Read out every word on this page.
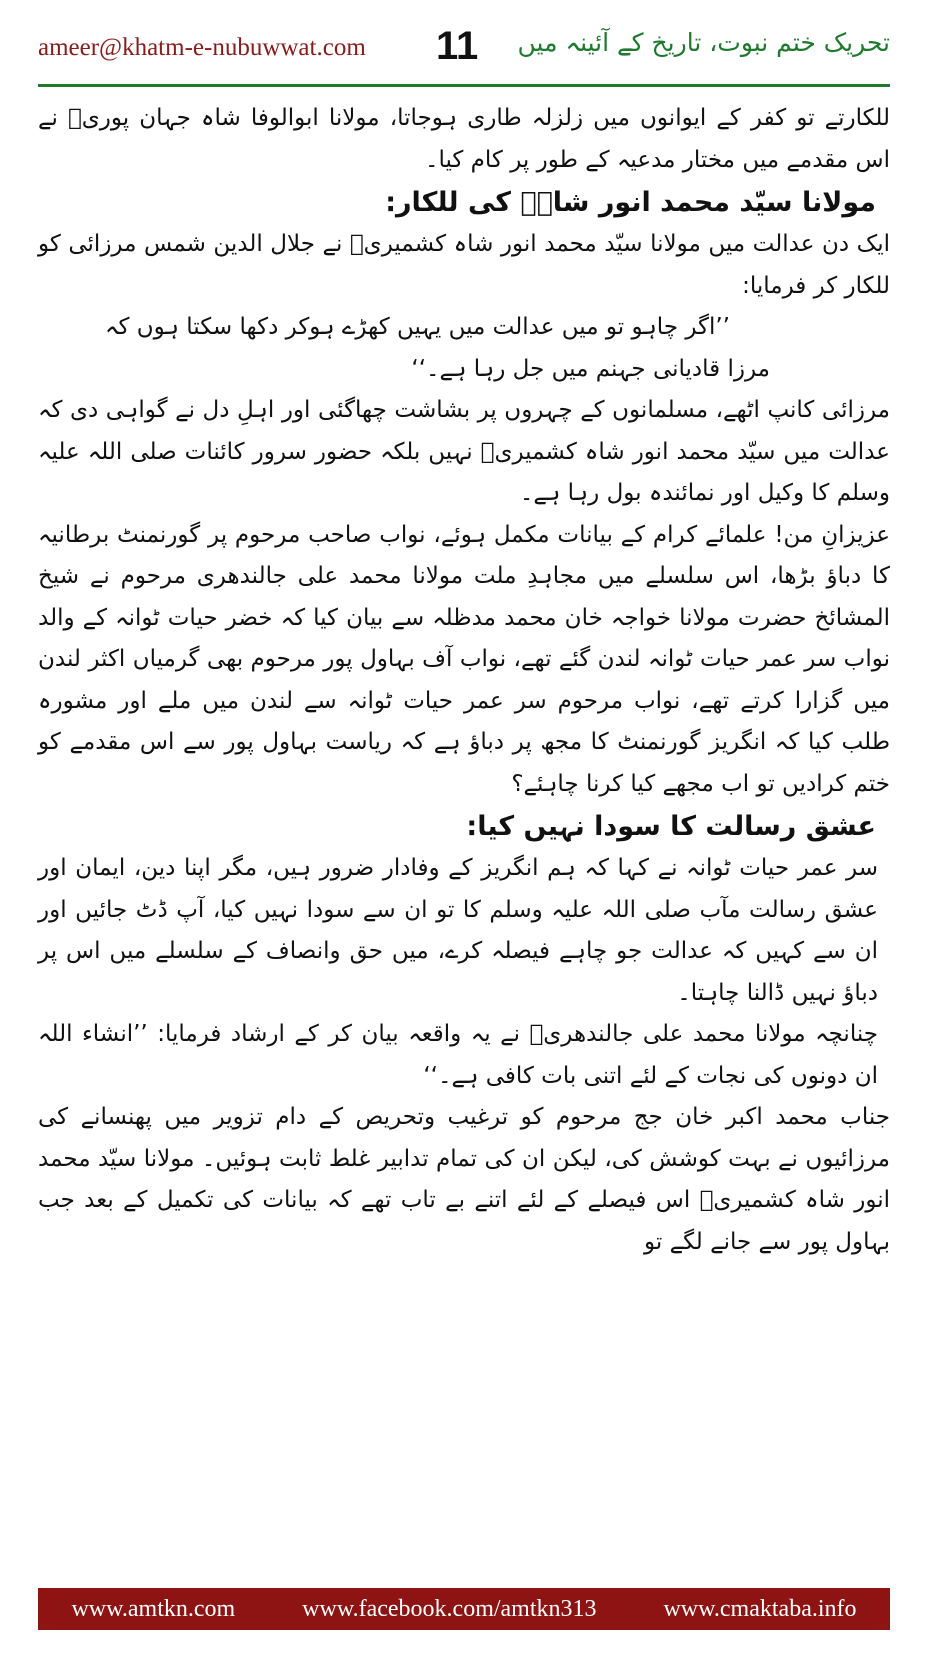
ameer@khatm-e-nubuwwat.com 11 تحریک ختم نبوت، تاریخ کے آئینہ میں

للکارتے تو کفر کے ایوانوں میں زلزلہ طاری ہوجاتا، مولانا ابوالوفا شاہ جہان پوریؒ نے اس مقدمے میں مختار مدعیہ کے طور پر کام کیا۔

مولانا سیّد محمد انور شاہؒ کی للکار:

ایک دن عدالت میں مولانا سیّد محمد انور شاہ کشمیریؒ نے جلال الدین شمس مرزائی کو للکار کر فرمایا:

’’اگر چاہو تو میں عدالت میں یہیں کھڑے ہوکر دکھا سکتا ہوں کہ

مرزا قادیانی جہنم میں جل رہا ہے۔‘‘

مرزائی کانپ اٹھے، مسلمانوں کے چہروں پر بشاشت چھاگئی اور اہلِ دل نے گواہی دی کہ عدالت میں سیّد محمد انور شاہ کشمیریؒ نہیں بلکہ حضور سرور کائنات صلی اللہ علیہ وسلم کا وکیل اور نمائندہ بول رہا ہے۔

عزیزانِ من! علمائے کرام کے بیانات مکمل ہوئے، نواب صاحب مرحوم پر گورنمنٹ برطانیہ کا دباؤ بڑھا، اس سلسلے میں مجاہدِ ملت مولانا محمد علی جالندھری مرحوم نے شیخ المشائخ حضرت مولانا خواجہ خان محمد مدظلہ سے بیان کیا کہ خضر حیات ٹوانہ کے والد نواب سر عمر حیات ٹوانہ لندن گئے تھے، نواب آف بہاول پور مرحوم بھی گرمیاں اکثر لندن میں گزارا کرتے تھے، نواب مرحوم سر عمر حیات ٹوانہ سے لندن میں ملے اور مشورہ طلب کیا کہ انگریز گورنمنٹ کا مجھ پر دباؤ ہے کہ ریاست بہاول پور سے اس مقدمے کو ختم کرادیں تو اب مجھے کیا کرنا چاہئے؟

عشق رسالت کا سودا نہیں کیا:

سر عمر حیات ٹوانہ نے کہا کہ ہم انگریز کے وفادار ضرور ہیں، مگر اپنا دین، ایمان اور عشق رسالت مآب صلی اللہ علیہ وسلم کا تو ان سے سودا نہیں کیا، آپ ڈٹ جائیں اور ان سے کہیں کہ عدالت جو چاہے فیصلہ کرے، میں حق وانصاف کے سلسلے میں اس پر دباؤ نہیں ڈالنا چاہتا۔

چنانچہ مولانا محمد علی جالندھریؒ نے یہ واقعہ بیان کر کے ارشاد فرمایا: ’’انشاء اللہ ان دونوں کی نجات کے لئے اتنی بات کافی ہے۔‘‘

جناب محمد اکبر خان جج مرحوم کو ترغیب وتحریص کے دام تزویر میں پھنسانے کی مرزائیوں نے بہت کوشش کی، لیکن ان کی تمام تدابیر غلط ثابت ہوئیں۔ مولانا سیّد محمد انور شاہ کشمیریؒ اس فیصلے کے لئے اتنے بے تاب تھے کہ بیانات کی تکمیل کے بعد جب بہاول پور سے جانے لگے تو

www.amtkn.com	www.facebook.com/amtkn313	www.cmaktaba.info
